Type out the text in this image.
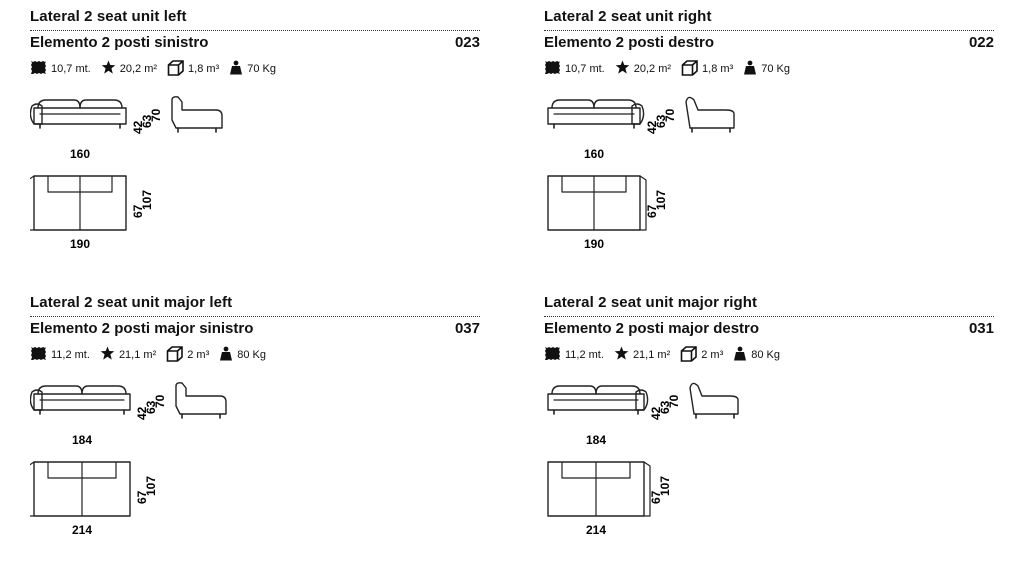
Lateral 2 seat unit left
Elemento 2 posti sinistro	023
10,7 mt.	20,2 m²	1,8 m³	70 Kg
160
190
42
63
70
67
107
Lateral 2 seat unit right
Elemento 2 posti destro	022
10,7 mt.	20,2 m²	1,8 m³	70 Kg
160
190
42
63
70
67
107
Lateral 2 seat unit major left
Elemento 2 posti major sinistro	037
11,2 mt.	21,1 m²	2 m³	80 Kg
184
214
42
63
70
67
107
Lateral 2 seat unit major right
Elemento 2 posti major destro	031
11,2 mt.	21,1 m²	2 m³	80 Kg
184
214
42
63
70
67
107
